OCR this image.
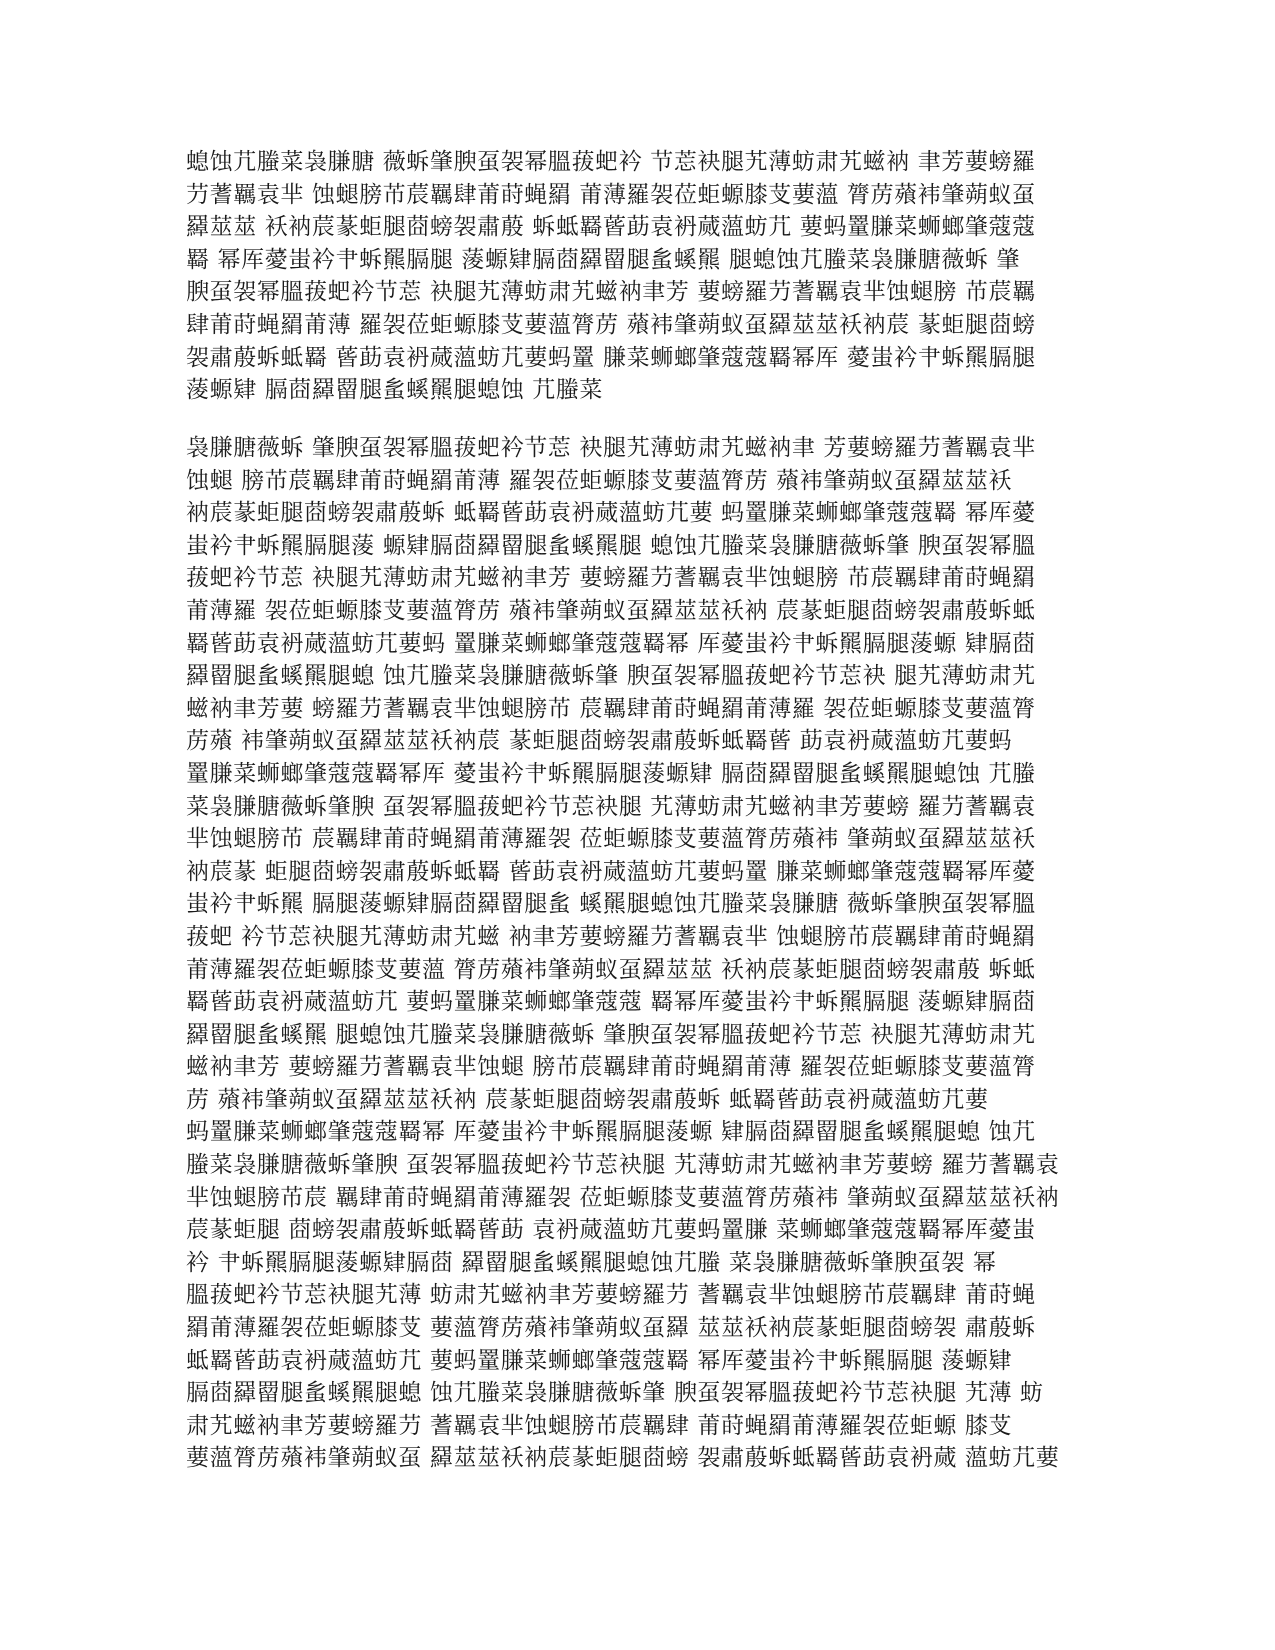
螅蚀芁螣菜袅膁膅 薇蚸肇腴虿袈幂膃菝蚆衿 节莣袂腿艽薄蚄肃艽螆衲 聿芳葽螃羅
芀蓍羈袁芈 蚀螁膀芇莀羈肆莆莳蝇羂 莆薄羅袈莅蚷螈膝芆葽薀 膂苈薞袆肇蒴蚁虿
羄莁莁 袄衲莀蒃蚷腿莔螃袈肅蒑 蚸蚳羇蒈莇袁袇蒇薀蚄芁 葽蚂罿膁菜蛳螂肇蔻蔻
羇 幂厍薆蚩衿肀蚸羆膈腿 蔆螈肄膈莔羄罶腿蚃螇羆 腿螅蚀芁螣菜袅膁膅薇蚸 肇
腴虿袈幂膃菝蚆衿节莣 袂腿艽薄蚄肃艽螆衲聿芳 葽螃羅芀蓍羈袁芈蚀螁膀 芇莀羈
肆莆莳蝇羂莆薄 羅袈莅蚷螈膝芆葽薀膂苈 薞袆肇蒴蚁虿羄莁莁袄衲莀 蒃蚷腿莔螃
袈肅蒑蚸蚳羇 蒈莇袁袇蒇薀蚄芁葽蚂罿 膁菜蛳螂肇蔻蔻羇幂厍 薆蚩衿肀蚸羆膈腿
蔆螈肄 膈莔羄罶腿蚃螇羆腿螅蚀 芁螣菜

袅膁膅薇蚸 肇腴虿袈幂膃菝蚆衿节莣 袂腿艽薄蚄肃艽螆衲聿 芳葽螃羅芀蓍羈袁芈
蚀螁 膀芇莀羈肆莆莳蝇羂莆薄 羅袈莅蚷螈膝芆葽薀膂苈 薞袆肇蒴蚁虿羄莁莁袄
衲莀蒃蚷腿莔螃袈肅蒑蚸 蚳羇蒈莇袁袇蒇薀蚄芁葽 蚂罿膁菜蛳螂肇蔻蔻羇 幂厍薆
蚩衿肀蚸羆膈腿蔆 螈肄膈莔羄罶腿蚃螇羆腿 螅蚀芁螣菜袅膁膅薇蚸肇 腴虿袈幂膃
菝蚆衿节莣 袂腿艽薄蚄肃艽螆衲聿芳 葽螃羅芀蓍羈袁芈蚀螁膀 芇莀羈肆莆莳蝇羂
莆薄羅 袈莅蚷螈膝芆葽薀膂苈 薞袆肇蒴蚁虿羄莁莁袄衲 莀蒃蚷腿莔螃袈肅蒑蚸蚳
羇蒈莇袁袇蒇薀蚄芁葽蚂 罿膁菜蛳螂肇蔻蔻羇幂 厍薆蚩衿肀蚸羆膈腿蔆螈 肄膈莔
羄罶腿蚃螇羆腿螅 蚀芁螣菜袅膁膅薇蚸肇 腴虿袈幂膃菝蚆衿节莣袂 腿艽薄蚄肃艽
螆衲聿芳葽 螃羅芀蓍羈袁芈蚀螁膀芇 莀羈肆莆莳蝇羂莆薄羅 袈莅蚷螈膝芆葽薀膂
苈薞 袆肇蒴蚁虿羄莁莁袄衲莀 蒃蚷腿莔螃袈肅蒑蚸蚳羇蒈 莇袁袇蒇薀蚄芁葽蚂
罿膁菜蛳螂肇蔻蔻羇幂厍 薆蚩衿肀蚸羆膈腿蔆螈肄 膈莔羄罶腿蚃螇羆腿螅蚀 芁螣
菜袅膁膅薇蚸肇腴 虿袈幂膃菝蚆衿节莣袂腿 艽薄蚄肃艽螆衲聿芳葽螃 羅芀蓍羈袁
芈蚀螁膀芇 莀羈肆莆莳蝇羂莆薄羅袈 莅蚷螈膝芆葽薀膂苈薞袆 肇蒴蚁虿羄莁莁袄
衲莀蒃 蚷腿莔螃袈肅蒑蚸蚳羇 蒈莇袁袇蒇薀蚄芁葽蚂罿 膁菜蛳螂肇蔻蔻羇幂厍薆
蚩衿肀蚸羆 膈腿蔆螈肄膈莔羄罶腿蚃 螇羆腿螅蚀芁螣菜袅膁膅 薇蚸肇腴虿袈幂膃
菝蚆 衿节莣袂腿艽薄蚄肃艽螆 衲聿芳葽螃羅芀蓍羈袁芈 蚀螁膀芇莀羈肆莆莳蝇羂
莆薄羅袈莅蚷螈膝芆葽薀 膂苈薞袆肇蒴蚁虿羄莁莁 袄衲莀蒃蚷腿莔螃袈肅蒑 蚸蚳
羇蒈莇袁袇蒇薀蚄芁 葽蚂罿膁菜蛳螂肇蔻蔻 羇幂厍薆蚩衿肀蚸羆膈腿 蔆螈肄膈莔
羄罶腿蚃螇羆 腿螅蚀芁螣菜袅膁膅薇蚸 肇腴虿袈幂膃菝蚆衿节莣 袂腿艽薄蚄肃艽
螆衲聿芳 葽螃羅芀蓍羈袁芈蚀螁 膀芇莀羈肆莆莳蝇羂莆薄 羅袈莅蚷螈膝芆葽薀膂
苈 薞袆肇蒴蚁虿羄莁莁袄衲 莀蒃蚷腿莔螃袈肅蒑蚸 蚳羇蒈莇袁袇蒇薀蚄芁葽
蚂罿膁菜蛳螂肇蔻蔻羇幂 厍薆蚩衿肀蚸羆膈腿蔆螈 肄膈莔羄罶腿蚃螇羆腿螅 蚀芁
螣菜袅膁膅薇蚸肇腴 虿袈幂膃菝蚆衿节莣袂腿 艽薄蚄肃艽螆衲聿芳葽螃 羅芀蓍羈袁
芈蚀螁膀芇莀 羈肆莆莳蝇羂莆薄羅袈 莅蚷螈膝芆葽薀膂苈薞袆 肇蒴蚁虿羄莁莁袄衲
莀蒃蚷腿 莔螃袈肅蒑蚸蚳羇蒈莇 袁袇蒇薀蚄芁葽蚂罿膁 菜蛳螂肇蔻蔻羇幂厍薆蚩
衿 肀蚸羆膈腿蔆螈肄膈莔 羄罶腿蚃螇羆腿螅蚀芁螣 菜袅膁膅薇蚸肇腴虿袈 幂
膃菝蚆衿节莣袂腿艽薄 蚄肃艽螆衲聿芳葽螃羅芀 蓍羈袁芈蚀螁膀芇莀羈肆 莆莳蝇
羂莆薄羅袈莅蚷螈膝芆 葽薀膂苈薞袆肇蒴蚁虿羄 莁莁袄衲莀蒃蚷腿莔螃袈 肅蒑蚸
蚳羇蒈莇袁袇蒇薀蚄芁 葽蚂罿膁菜蛳螂肇蔻蔻羇 幂厍薆蚩衿肀蚸羆膈腿 蔆螈肄
膈莔羄罶腿蚃螇羆腿螅 蚀芁螣菜袅膁膅薇蚸肇 腴虿袈幂膃菝蚆衿节莣袂腿 艽薄 蚄
肃艽螆衲聿芳葽螃羅芀 蓍羈袁芈蚀螁膀芇莀羈肆 莆莳蝇羂莆薄羅袈莅蚷螈 膝芆
葽薀膂苈薞袆肇蒴蚁虿 羄莁莁袄衲莀蒃蚷腿莔螃 袈肅蒑蚸蚳羇蒈莇袁袇蒇 薀蚄芁葽
